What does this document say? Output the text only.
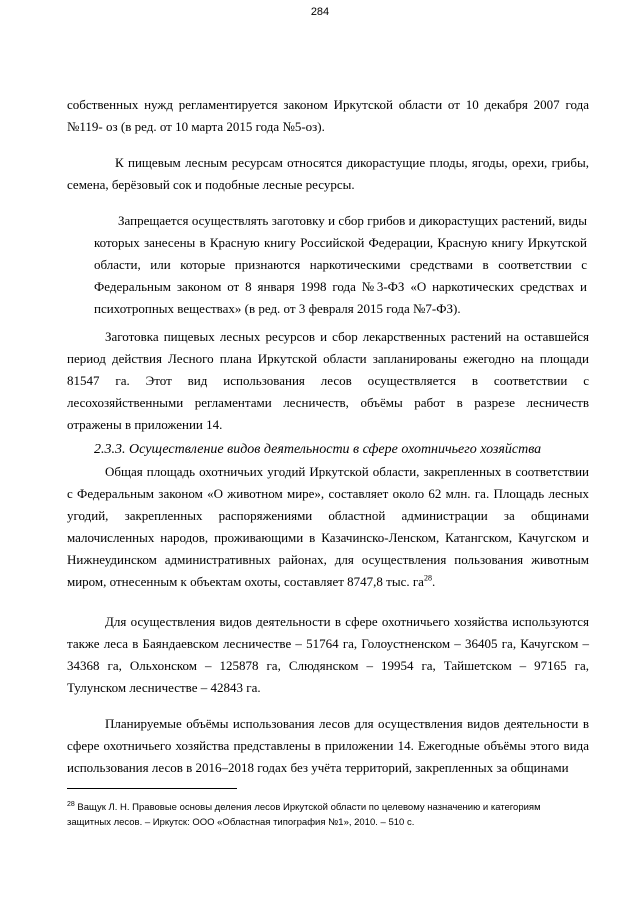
284

собственных нужд регламентируется законом Иркутской области от 10 декабря 2007 года №119- оз (в ред. от 10 марта 2015 года №5-оз).

К пищевым лесным ресурсам относятся дикорастущие плоды, ягоды, орехи, грибы, семена, берёзовый сок и подобные лесные ресурсы.

Запрещается осуществлять заготовку и сбор грибов и дикорастущих растений, виды которых занесены в Красную книгу Российской Федерации, Красную книгу Иркутской области, или которые признаются наркотическими средствами в соответствии с Федеральным законом от 8 января 1998 года №3-ФЗ «О наркотических средствах и психотропных веществах» (в ред. от 3 февраля 2015 года №7-ФЗ).

Заготовка пищевых лесных ресурсов и сбор лекарственных растений на оставшейся период действия Лесного плана Иркутской области запланированы ежегодно на площади 81547 га. Этот вид использования лесов осуществляется в соответствии с лесохозяйственными регламентами лесничеств, объёмы работ в разрезе лесничеств отражены в приложении 14.

2.3.3. Осуществление видов деятельности в сфере охотничьего хозяйства

Общая площадь охотничьих угодий Иркутской области, закрепленных в соответствии с Федеральным законом «О животном мире», составляет около 62 млн. га. Площадь лесных угодий, закрепленных распоряжениями областной администрации за общинами малочисленных народов, проживающими в Казачинско-Ленском, Катангском, Качугском и Нижнеудинском административных районах, для осуществления пользования животным миром, отнесенным к объектам охоты, составляет 8747,8 тыс. $га^{28}$.

Для осуществления видов деятельности в сфере охотничьего хозяйства используются также леса в Баяндаевском лесничестве – 51764 га, Голоустненском – 36405 га, Качугском – 34368 га, Ольхонском – 125878 га, Слюдянском – 19954 га, Тайшетском – 97165 га, Тулунском лесничестве – 42843 га.

Планируемые объёмы использования лесов для осуществления видов деятельности в сфере охотничьего хозяйства представлены в приложении 14. Ежегодные объёмы этого вида использования лесов в 2016–2018 годах без учёта территорий, закрепленных за общинами

$^{28}$ Ващук Л. Н. Правовые основы деления лесов Иркутской области по целевому назначению и категориям защитных лесов. – Иркутск: ООО «Областная типография №1», 2010. – 510 с.
